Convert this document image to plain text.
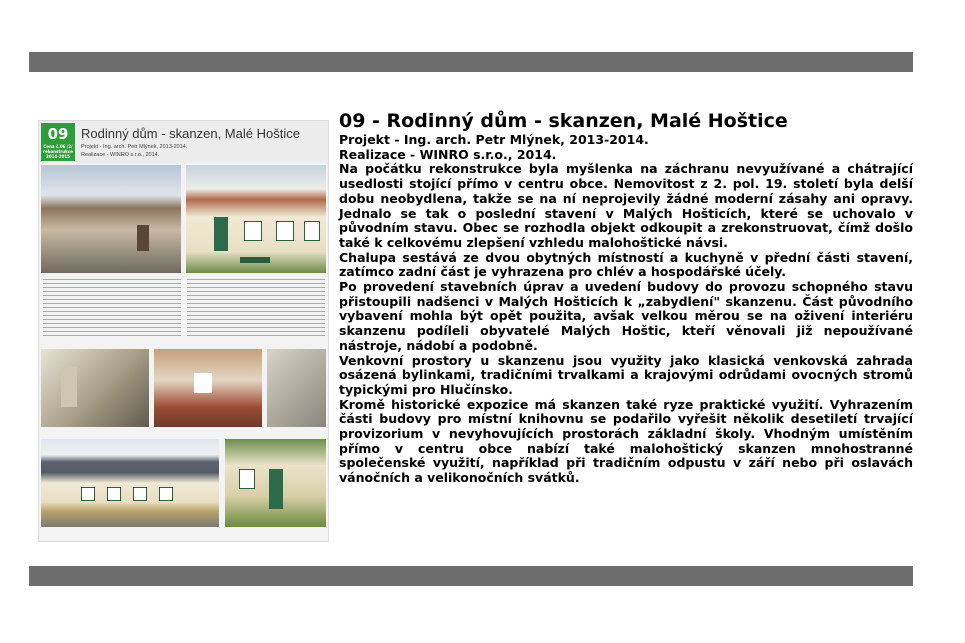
09
Cena č.06 /2/
rekonstrukce
2014-2015
Rodinný dům - skanzen, Malé Hoštice
Projekt - Ing. arch. Petr Mlýnek, 2013-2014.
Realizace - WINRO s.r.o., 2014.
09 - Rodinný dům - skanzen, Malé Hoštice

Projekt - Ing. arch. Petr Mlýnek, 2013-2014.

Realizace - WINRO s.r.o., 2014.

Na počátku rekonstrukce byla myšlenka na záchranu nevyužívané a chátrající usedlosti stojící přímo v centru obce. Nemovitost z 2. pol. 19. století byla delší dobu neobydlena, takže se na ní neprojevily žádné moderní zásahy ani opravy. Jednalo se tak o poslední stavení v Malých Hošticích, které se uchovalo v původním stavu. Obec se rozhodla objekt odkoupit a zrekonstruovat, čímž došlo také k celkovému zlepšení vzhledu malohoštické návsi.

Chalupa sestává ze dvou obytných místností a kuchyně v přední části stavení, zatímco zadní část je vyhrazena pro chlév a hospodářské účely.

Po provedení stavebních úprav a uvedení budovy do provozu schopného stavu přistoupili nadšenci v Malých Hošticích k „zabydlení" skanzenu. Část původního vybavení mohla být opět použita, avšak velkou měrou se na oživení interiéru skanzenu podíleli obyvatelé Malých Hoštic, kteří věnovali již nepoužívané nástroje, nádobí a podobně.

Venkovní prostory u skanzenu jsou využity jako klasická venkovská zahrada osázená bylinkami, tradičními trvalkami a krajovými odrůdami ovocných stromů typickými pro Hlučínsko.

Kromě historické expozice má skanzen také ryze praktické využití. Vyhrazením části budovy pro místní knihovnu se podařilo vyřešit několik desetiletí trvající provizorium v nevyhovujících prostorách základní školy. Vhodným umístěním přímo v centru obce nabízí také malohoštický skanzen mnohostranné společenské využití, například při tradičním odpustu v září nebo při oslavách vánočních a velikonočních svátků.
